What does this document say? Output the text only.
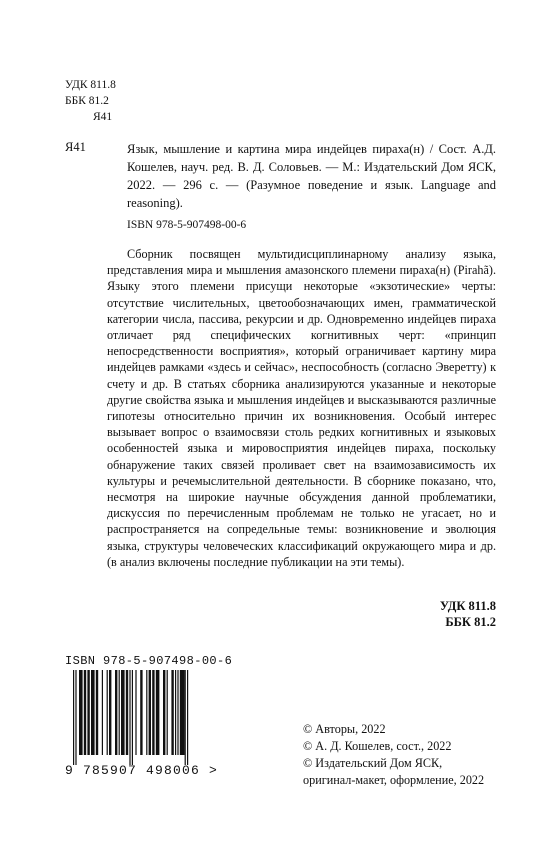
УДК 811.8
ББК 81.2
Я41
Я41	Язык, мышление и картина мира индейцев пираха(н) / Сост. А.Д. Кошелев, науч. ред. В. Д. Соловьев. — М.: Издательский Дом ЯСК, 2022. — 296 с. — (Разумное поведение и язык. Language and reasoning).
ISBN 978-5-907498-00-6
Сборник посвящен мультидисциплинарному анализу языка, представления мира и мышления амазонского племени пираха(н) (Pirahã). Языку этого племени присущи некоторые «экзотические» черты: отсутствие числительных, цветообозначающих имен, грамматической категории числа, пассива, рекурсии и др. Одновременно индейцев пираха отличает ряд специфических когнитивных черт: «принцип непосредственности восприятия», который ограничивает картину мира индейцев рамками «здесь и сейчас», неспособность (согласно Эверетту) к счету и др. В статьях сборника анализируются указанные и некоторые другие свойства языка и мышления индейцев и высказываются различные гипотезы относительно причин их возникновения. Особый интерес вызывает вопрос о взаимосвязи столь редких когнитивных и языковых особенностей языка и мировосприятия индейцев пираха, поскольку обнаружение таких связей проливает свет на взаимозависимость их культуры и речемыслительной деятельности. В сборнике показано, что, несмотря на широкие научные обсуждения данной проблематики, дискуссия по перечисленным проблемам не только не угасает, но и распространяется на сопредельные темы: возникновение и эволюция языка, структуры человеческих классификаций окружающего мира и др. (в анализ включены последние публикации на эти темы).
УДК 811.8
ББК 81.2
ISBN 978-5-907498-00-6
9 785907 498006 >
© Авторы, 2022
© А. Д. Кошелев, сост., 2022
© Издательский Дом ЯСК,
оригинал-макет, оформление, 2022
